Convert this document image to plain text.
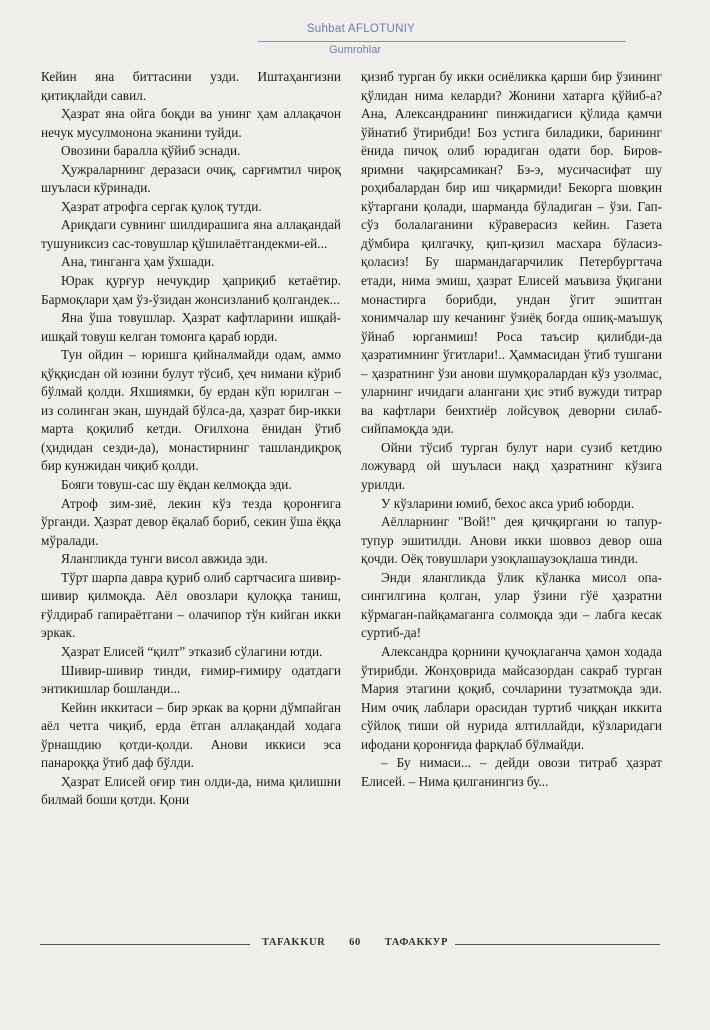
Suhbat AFLOTUNIY
Gumrohlar

Кейин яна биттасини узди. Иштаҳангизни қитиқлайди савил.

Ҳазрат яна ойга боқди ва унинг ҳам аллақачон нечук мусулмонона эканини туйди.

Овозини баралла қўйиб эснади.

Ҳужраларнинг деразаси очиқ, сарғимтил чироқ шуъласи кўринади.

Ҳазрат атрофга сергак қулоқ тутди.

Ариқдаги сувнинг шилдирашига яна аллақандай тушуниксиз сас-товушлар қўшилаётгандекми-ей...

Ана, тинганга ҳам ўхшади.

Юрак қурғур нечукдир ҳаприқиб кетаётир. Бармоқлари ҳам ўз-ўзидан жонсизланиб қолгандек...

Яна ўша товушлар. Ҳазрат кафтларини ишқай-ишқай товуш келган томонга қараб юрди.

Тун ойдин – юришга қийналмайди одам, аммо қўққисдан ой юзини булут тўсиб, ҳеч нимани кўриб бўлмай қолди. Яхшиямки, бу ердан кўп юрилган – из солинган экан, шундай бўлса-да, ҳазрат бир-икки марта қоқилиб кетди. Оғилхона ёнидан ўтиб (ҳидидан сезди-да), монастирнинг ташландиқроқ бир кунжидан чиқиб қолди.

Бояги товуш-сас шу ёқдан келмоқда эди.

Атроф зим-зиё, лекин кўз тезда қоронғига ўрганди. Ҳазрат девор ёқалаб бориб, секин ўша ёққа мўралади.

Ялангликда тунги висол авжида эди.

Тўрт шарпа давра қуриб олиб сартчасига шивир-шивир қилмоқда. Аёл овозлари қулоққа таниш, ғўлдираб гапираётгани – олачипор тўн кийган икки эркак.

Ҳазрат Елисей “қилт” этказиб сўлагини ютди.

Шивир-шивир тинди, ғимир-ғимиру одатдаги энтикишлар бошланди...

Кейин иккитаси – бир эркак ва қорни дўмпайган аёл четга чиқиб, ерда ётган аллақандай ходага ўрнашдию қотди-қолди. Анови иккиси эса панароққа ўтиб даф бўлди.

Ҳазрат Елисей оғир тин олди-да, нима қилишни билмай боши қотди. Қони

қизиб турган бу икки осиёликка қарши бир ўзининг қўлидан нима келарди? Жонини хатарга қўйиб-а? Ана, Александранинг пинжидагиси қўлида қамчи ўйнатиб ўтирибди! Боз устига биладики, барининг ёнида пичоқ олиб юрадиган одати бор. Биров-яримни чақирсамикан? Бэ-э, мусичасифат шу роҳибалардан бир иш чиқармиди! Бекорга шовқин кўтаргани қолади, шармандa бўладиган – ўзи. Гап-сўз болалаганини кўраверасиз кейин. Газета дўмбира қилгачку, қип-қизил масхара бўласиз-қоласиз! Бу шармандагарчилик Петербургтача етади, нима эмиш, ҳазрат Елисей маъвиза ўқигани монастирга борибди, ундан ўгит эшитган хонимчалар шу кечанинг ўзиёқ боғда ошиқ-маъшуқ ўйнаб юрганмиш! Роса таъсир қилибди-да ҳазратимнинг ўгитлари!.. Ҳаммасидан ўтиб тушгани – ҳазратнинг ўзи анови шумқоралардан кўз узолмас, уларнинг ичидаги алангани ҳис этиб вужуди титрар ва кафтлари беихтиёр лойсувоқ деворни силаб-сийпамоқда эди.

Ойни тўсиб турган булут нари сузиб кетдию ложувард ой шуъласи нақд ҳазратнинг кўзига урилди.

У кўзларини юмиб, бехос акса уриб юборди.

Аёлларнинг "Вой!" дея қичқиргани ю тапур-тупур эшитилди. Анови икки шоввоз девор оша қочди. Оёқ товушлари узоқлашаузоқлаша тинди.

Энди ялангликда ўлик кўланка мисол опа-сингилгина қолган, улар ўзини гўё ҳазратни кўрмаган-пайқамаганга солмоқда эди – лабга кесак суртиб-да!

Александра қорнини қучоқлаганча ҳамон ходада ўтирибди. Жонҳоврида майсазордан сакраб турган Мария этагини қоқиб, сочларини тузатмоқда эди. Ним очиқ лаблари орасидан туртиб чиққан иккита сўйлоқ тиши ой нурида ялтиллайди, кўзларидаги ифодани қоронғида фарқлаб бўлмайди.

– Бу нимаси... – дейди овози титраб ҳазрат Елисей. – Нима қилганингиз бу...

TAFAKKUR 60 ТАФАККУР
